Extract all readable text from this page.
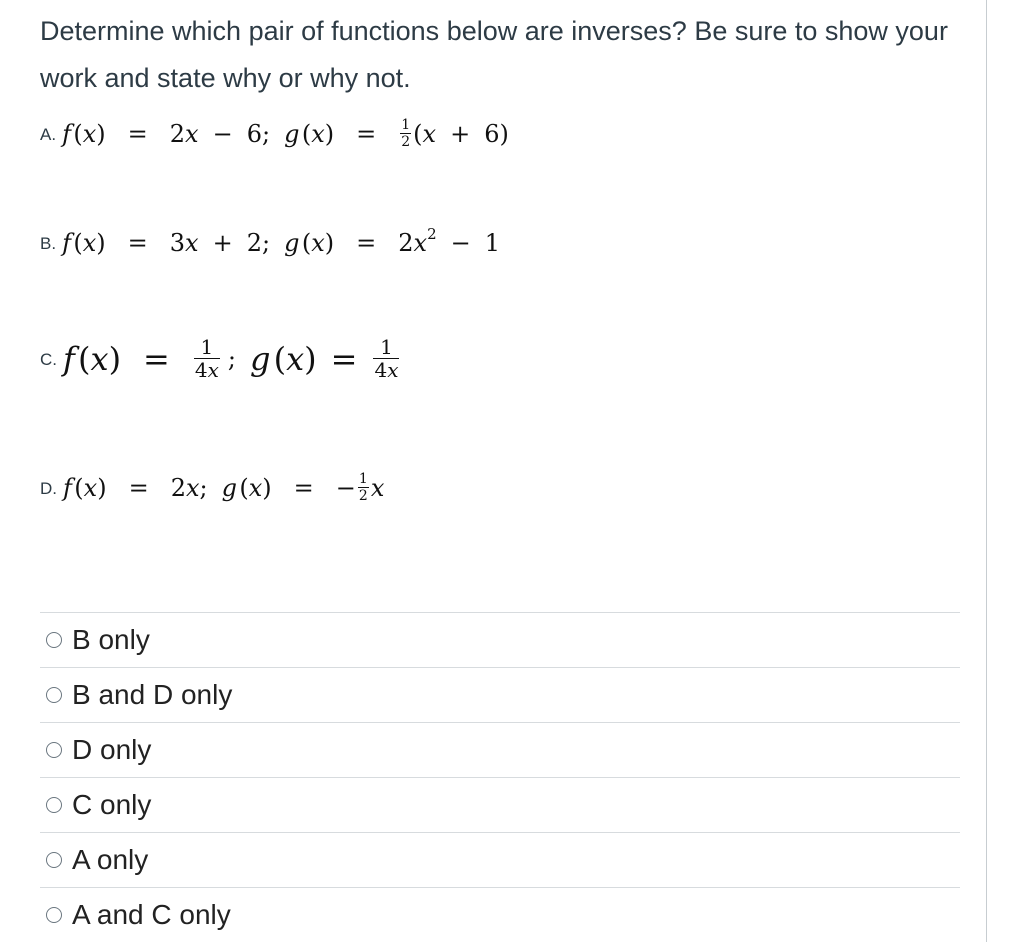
Determine which pair of functions below are inverses? Be sure to show your work and state why or why not.
A. f
  ( x ) = 2x − 6 ; g
  ( x ) = $\frac{1}{2}$ ( x + 6 )
B. f
  ( x ) = 3x + 2 ; g
  ( x ) = $2x^2 - 1$
C. f
  ( x ) = $\frac{1}{4x}$ ; g
  ( x ) = $\frac{1}{4x}$
D. f
  ( x ) = 2x ; g
  ( x ) = − $\frac{1}{2}$ x
B only
B and D only
D only
C only
A only
A and C only
